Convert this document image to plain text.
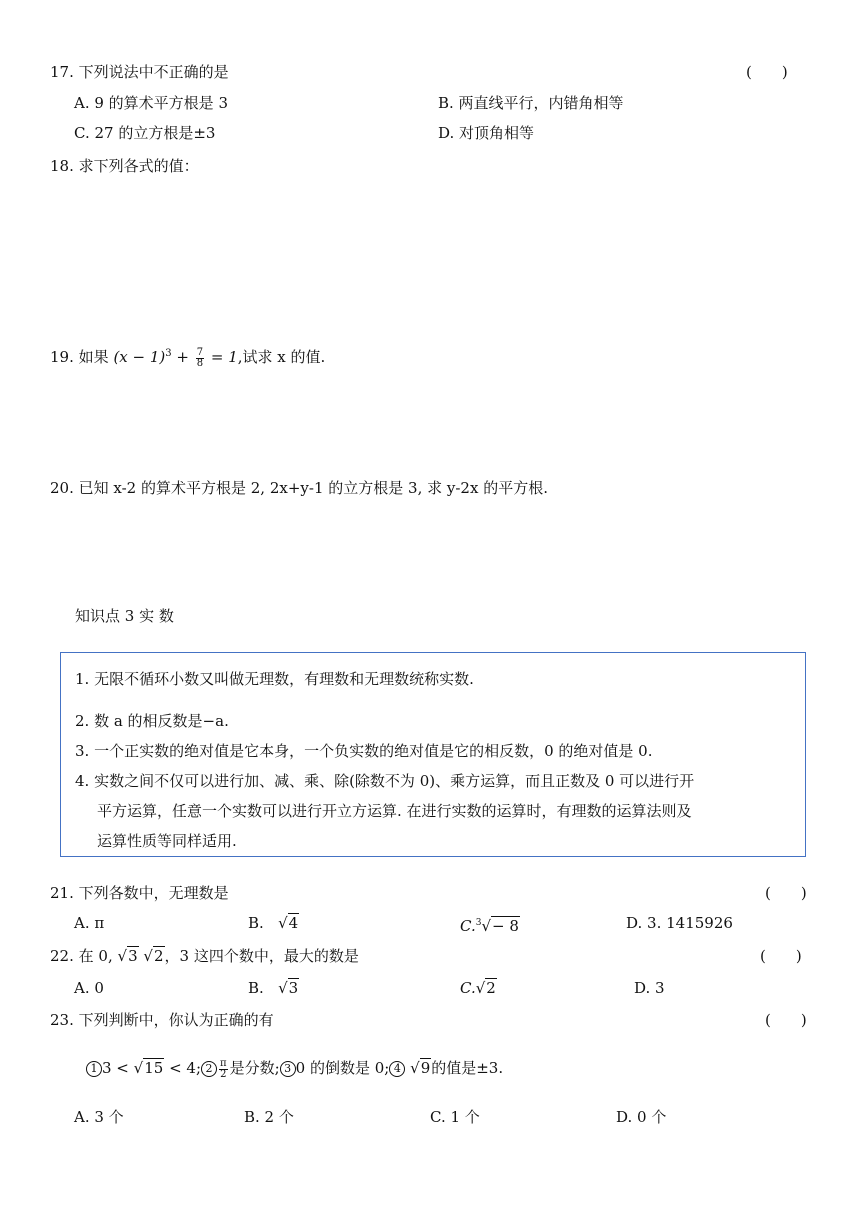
17. 下列说法中不正确的是	(　　)
A. 9 的算术平方根是 3	B. 两直线平行，内错角相等
C. 27 的立方根是±3	D. 对顶角相等
18. 求下列各式的值：
19. 如果 $(x - 1)^3 + \frac{7}{8} = 1$,试求 x 的值.
20. 已知 x-2 的算术平方根是 2, 2x+y-1 的立方根是 3, 求 y-2x 的平方根.
知识点 3 实 数
1. 无限不循环小数又叫做无理数，有理数和无理数统称实数.
2. 数 a 的相反数是−a.
3. 一个正实数的绝对值是它本身，一个负实数的绝对值是它的相反数，0 的绝对值是 0.
4. 实数之间不仅可以进行加、减、乘、除(除数不为 0)、乘方运算，而且正数及 0 可以进行开
平方运算，任意一个实数可以进行开立方运算. 在进行实数的运算时，有理数的运算法则及
运算性质等同样适用.
21. 下列各数中，无理数是	(　　)
A. π	B. √4	C.$^3$√− 8	D. 3. 1415926
22. 在 0, √3 √2，3 这四个数中，最大的数是	(　　)
A. 0	B. √3	C.√2	D. 3
23. 下列判断中，你认为正确的有	(　　)
1 3 < √15 < 4; $2 \frac{\pi}{2}$ 是分数; 3 0 的倒数是 0; 4 √9的值是±3.
A. 3 个	B. 2 个	C. 1 个	D. 0 个
